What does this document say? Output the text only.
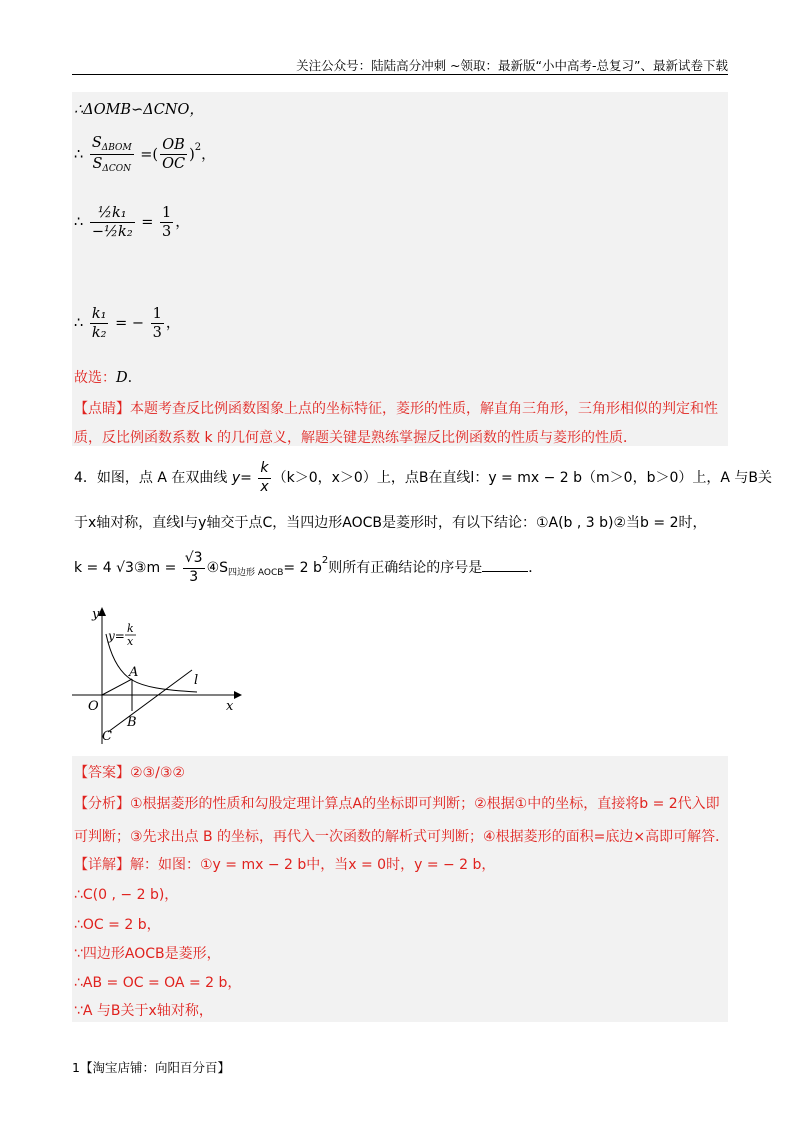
关注公众号：陆陆高分冲刺 ~领取：最新版“小中高考-总复习”、最新试卷下载
∴ΔOMB∽ΔCNO，
∴ $\frac{S_{\Delta BOM}}{S_{\Delta CON}}$ =( $\frac{OB}{OC} )^2$，
∴ $\frac{\text{½k₁}}{\text{−½k₂}} = \frac{1}{3}$ ，
∴ $\frac{\text{k₁}}{\text{k₂}}$ = − $\frac{1}{3}$ ，
故选：D．
【点睛】本题考查反比例函数图象上点的坐标特征，菱形的性质，解直角三角形，三角形相似的判定和性
质，反比例函数系数 k 的几何意义，解题关键是熟练掌握反比例函数的性质与菱形的性质．
4．如图，点 A 在双曲线 $y= \frac{k}{x} (k>0$，x＞0）上，点B在直线l：y = mx − 2 b（m＞0，b＞0）上，A 与B关
于x轴对称，直线l与y轴交于点C，当四边形AOCB是菱形时，有以下结论：①A(b , 3 b)②当b = 2时，
k = 4 √3③m = $\frac{√3}{3}$ $④S_{四边形 AOCB}= 2$ $b^2$则所有正确结论的序号是	．
y
x
O
y=
k
x
A
B
C
l
【答案】②③/③②
【分析】①根据菱形的性质和勾股定理计算点A的坐标即可判断；②根据①中的坐标，直接将b = 2代入即
可判断；③先求出点 B 的坐标，再代入一次函数的解析式可判断；④根据菱形的面积=底边×高即可解答．
【详解】解：如图：①y = mx − 2 b中，当x = 0时，y = − 2 b，
∴C(0 , − 2 b)，
∴OC = 2 b，
∵四边形AOCB是菱形，
∴AB = OC = OA = 2 b，
∵A 与B关于x轴对称，
1【淘宝店铺：向阳百分百】
